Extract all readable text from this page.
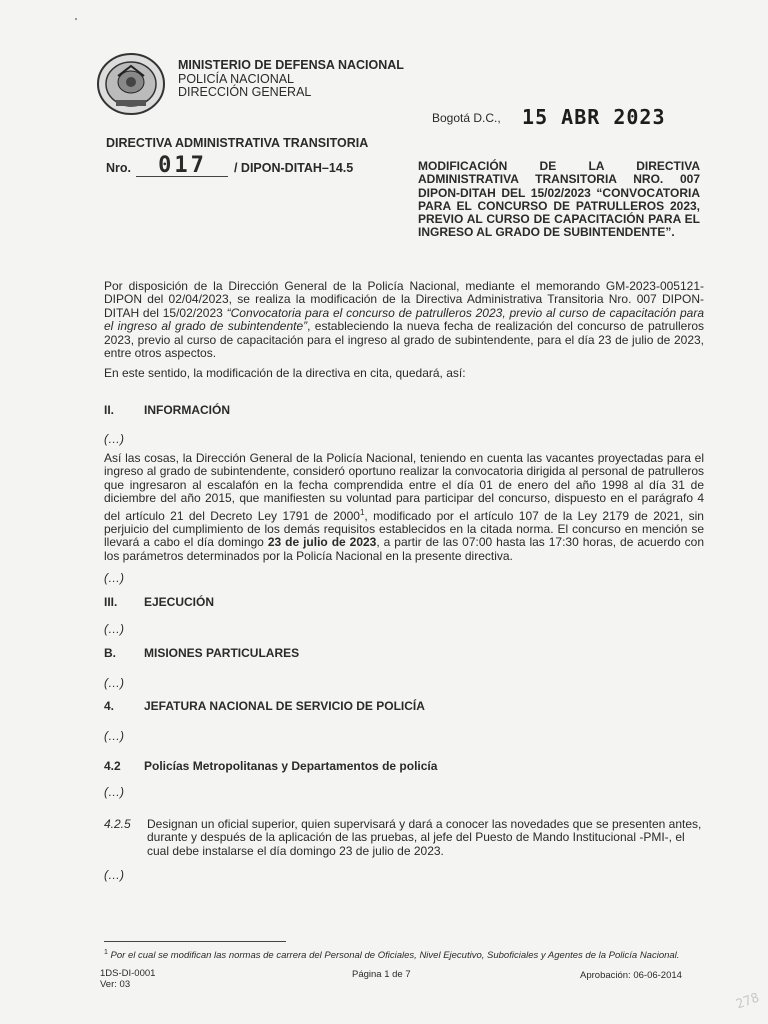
MINISTERIO DE DEFENSA NACIONAL
POLICÍA NACIONAL
DIRECCIÓN GENERAL
Bogotá D.C., 15 ABR 2023
DIRECTIVA ADMINISTRATIVA TRANSITORIA
Nro. 017 / DIPON-DITAH–14.5	MODIFICACIÓN DE LA DIRECTIVA ADMINISTRATIVA TRANSITORIA NRO. 007 DIPON-DITAH DEL 15/02/2023 “CONVOCATORIA PARA EL CONCURSO DE PATRULLEROS 2023, PREVIO AL CURSO DE CAPACITACIÓN PARA EL INGRESO AL GRADO DE SUBINTENDENTE”.
Por disposición de la Dirección General de la Policía Nacional, mediante el memorando GM-2023-005121-DIPON del 02/04/2023, se realiza la modificación de la Directiva Administrativa Transitoria Nro. 007 DIPON-DITAH del 15/02/2023 “Convocatoria para el concurso de patrulleros 2023, previo al curso de capacitación para el ingreso al grado de subintendente”, estableciendo la nueva fecha de realización del concurso de patrulleros 2023, previo al curso de capacitación para el ingreso al grado de subintendente, para el día 23 de julio de 2023, entre otros aspectos.
En este sentido, la modificación de la directiva en cita, quedará, así:
II. INFORMACIÓN
(…)
Así las cosas, la Dirección General de la Policía Nacional, teniendo en cuenta las vacantes proyectadas para el ingreso al grado de subintendente, consideró oportuno realizar la convocatoria dirigida al personal de patrulleros que ingresaron al escalafón en la fecha comprendida entre el día 01 de enero del año 1998 al día 31 de diciembre del año 2015, que manifiesten su voluntad para participar del concurso, dispuesto en el parágrafo 4 del artículo 21 del Decreto Ley 1791 de 2000$^1$, modificado por el artículo 107 de la Ley 2179 de 2021, sin perjuicio del cumplimiento de los demás requisitos establecidos en la citada norma. El concurso en mención se llevará a cabo el día domingo 23 de julio de 2023, a partir de las 07:00 hasta las 17:30 horas, de acuerdo con los parámetros determinados por la Policía Nacional en la presente directiva.
(…)
III. EJECUCIÓN
(…)
B. MISIONES PARTICULARES
(…)
4. JEFATURA NACIONAL DE SERVICIO DE POLICÍA
(…)
4.2 Policías Metropolitanas y Departamentos de policía
(…)
4.2.5 Designan un oficial superior, quien supervisará y dará a conocer las novedades que se presenten antes, durante y después de la aplicación de las pruebas, al jefe del Puesto de Mando Institucional -PMI-, el cual debe instalarse el día domingo 23 de julio de 2023.
(…)
$^1$ Por el cual se modifican las normas de carrera del Personal de Oficiales, Nivel Ejecutivo, Suboficiales y Agentes de la Policía Nacional.
1DS-DI-0001
Ver: 03
Página 1 de 7	Aprobación: 06-06-2014
278
